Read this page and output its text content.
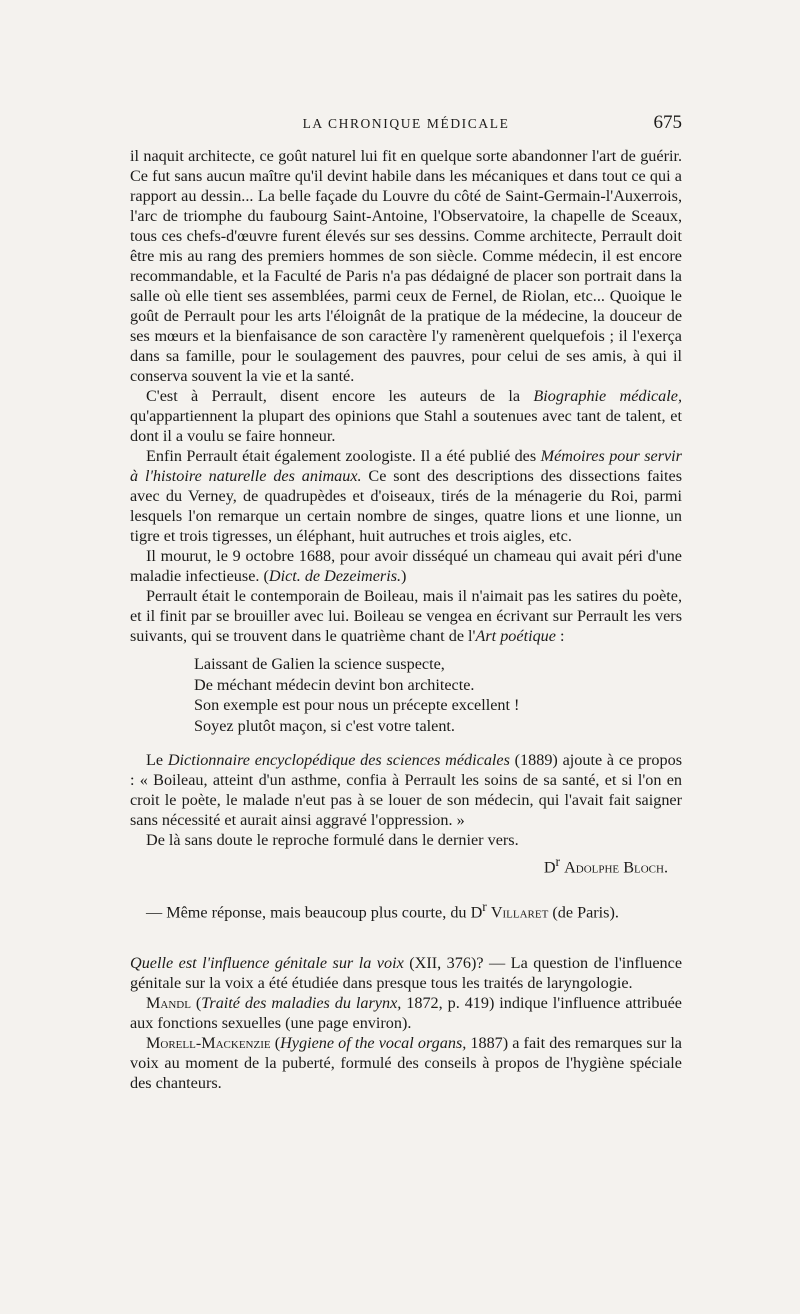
LA CHRONIQUE MÉDICALE	675

il naquit architecte, ce goût naturel lui fit en quelque sorte abandonner l'art de guérir. Ce fut sans aucun maître qu'il devint habile dans les mécaniques et dans tout ce qui a rapport au dessin... La belle façade du Louvre du côté de Saint-Germain-l'Auxerrois, l'arc de triomphe du faubourg Saint-Antoine, l'Observatoire, la chapelle de Sceaux, tous ces chefs-d'œuvre furent élevés sur ses dessins. Comme architecte, Perrault doit être mis au rang des premiers hommes de son siècle. Comme médecin, il est encore recommandable, et la Faculté de Paris n'a pas dédaigné de placer son portrait dans la salle où elle tient ses assemblées, parmi ceux de Fernel, de Riolan, etc... Quoique le goût de Perrault pour les arts l'éloignât de la pratique de la médecine, la douceur de ses mœurs et la bienfaisance de son caractère l'y ramenèrent quelquefois ; il l'exerça dans sa famille, pour le soulagement des pauvres, pour celui de ses amis, à qui il conserva souvent la vie et la santé.

C'est à Perrault, disent encore les auteurs de la Biographie médicale, qu'appartiennent la plupart des opinions que Stahl a soutenues avec tant de talent, et dont il a voulu se faire honneur.

Enfin Perrault était également zoologiste. Il a été publié des Mémoires pour servir à l'histoire naturelle des animaux. Ce sont des descriptions des dissections faites avec du Verney, de quadrupèdes et d'oiseaux, tirés de la ménagerie du Roi, parmi lesquels l'on remarque un certain nombre de singes, quatre lions et une lionne, un tigre et trois tigresses, un éléphant, huit autruches et trois aigles, etc.

Il mourut, le 9 octobre 1688, pour avoir disséqué un chameau qui avait péri d'une maladie infectieuse. (Dict. de Dezeimeris.)

Perrault était le contemporain de Boileau, mais il n'aimait pas les satires du poète, et il finit par se brouiller avec lui. Boileau se vengea en écrivant sur Perrault les vers suivants, qui se trouvent dans le quatrième chant de l'Art poétique :

Laissant de Galien la science suspecte,
De méchant médecin devint bon architecte.
Son exemple est pour nous un précepte excellent !
Soyez plutôt maçon, si c'est votre talent.

Le Dictionnaire encyclopédique des sciences médicales (1889) ajoute à ce propos : « Boileau, atteint d'un asthme, confia à Perrault les soins de sa santé, et si l'on en croit le poète, le malade n'eut pas à se louer de son médecin, qui l'avait fait saigner sans nécessité et aurait ainsi aggravé l'oppression. »

De là sans doute le reproche formulé dans le dernier vers.

$D^r$ Adolphe Bloch.

— Même réponse, mais beaucoup plus courte, du $D^r$ Villaret (de Paris).

Quelle est l'influence génitale sur la voix (XII, 376)? — La question de l'influence génitale sur la voix a été étudiée dans presque tous les traités de laryngologie.

Mandl (Traité des maladies du larynx, 1872, p. 419) indique l'influence attribuée aux fonctions sexuelles (une page environ).

Morell-Mackenzie (Hygiene of the vocal organs, 1887) a fait des remarques sur la voix au moment de la puberté, formulé des conseils à propos de l'hygiène spéciale des chanteurs.
